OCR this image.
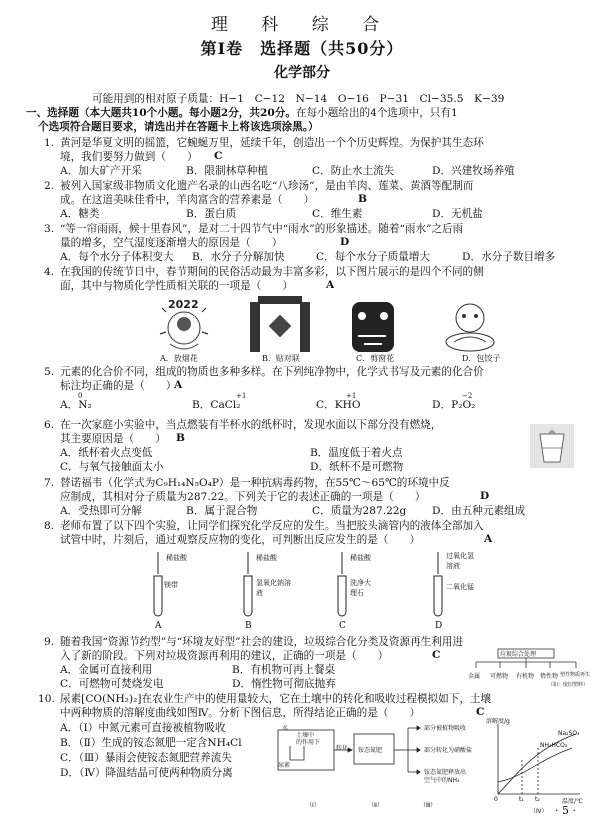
理 科 综 合
第Ⅰ卷　选择题（共50分）
化学部分
可能用到的相对原子质量：H−1　C−12　N−14　O−16　P−31　Cl−35.5　K−39
一、选择题（本大题共10个小题。每小题2分，共20分。在每小题给出的4个选项中，只有1
个选项符合题目要求，请选出并在答题卡上将该选项涂黑。）
1. 黄河是华夏文明的摇篮，它蜿蜒万里，延续千年，创造出一个个历史辉煌。为保护其生态环
境，我们要努力做到（　　） C
A．加大矿产开采	B．限制林草种植	C．防止水土流失	D．兴建牧场养殖
2. 被列入国家级非物质文化遗产名录的山西名吃“八珍汤”，是由羊肉、莲菜、黄酒等配制而
成。在这道美味佳肴中，羊肉富含的营养素是（　　）	B
A．糖类	B．蛋白质	C．维生素	D．无机盐
3. “等一帘雨雨，候十里春风”，是对二十四节气中“雨水”的形象描述。随着“雨水”之后雨
量的增多，空气湿度逐渐增大的原因是（　　）	D
A．每个水分子体积变大 B．水分子分解加快	C．每个水分子质量增大	D．水分子数目增多
4. 在我国的传统节日中，春节期间的民俗活动最为丰富多彩，以下图片展示的是四个不同的侧
面，其中与物质化学性质相关联的一项是（　　）	A
2022
A．放烟花	B．贴对联	C．剪窗花	D．包饺子
5. 元素的化合价不同，组成的物质也多种多样。在下列纯净物中，化学式书写及元素的化合价
标注均正确的是（　　）
A
0	+1	+1	−2
A．N₂	B．CaCl₂	C．KHO	D．P₂O₂
6. 在一次家庭小实验中，当点燃装有半杯水的纸杯时，发现水面以下部分没有燃烧，
其主要原因是（　　） B
A．纸杯着火点变低	B．温度低于着火点
C．与氧气接触面太小	D．纸杯不是可燃物
7. 替诺福韦（化学式为C₉H₁₄N₅O₄P）是一种抗病毒药物，在55℃～65℃的环境中反
应制成，其相对分子质量为287.22。下列关于它的表述正确的一项是（　　）	D
A．受热即可分解	B．属于混合物	C．质量为287.22g D．由五种元素组成
8. 老师布置了以下四个实验，让同学们探究化学反应的发生。当把胶头滴管内的液体全部加入
试管中时，片刻后，通过观察反应物的变化，可判断出反应发生的是（　　）	A
稀盐酸
镁带
稀盐酸
氢氧化钠溶液
稀盐酸
洗净大理石
过氧化氢溶液
二氧化锰
A	B	C	D
9. 随着我国“资源节约型”与“环境友好型”社会的建设，垃圾综合化分类及资源再生利用进
入了新的阶段。下列对垃圾资源再利用的建议，正确的一项是（　　）	C
A．金属可直接利用	B．有机物可再上餐桌
C．可燃物可焚烧发电	D．惰性物可彻底抛弃
垃圾综合处理
金属 可燃物 有机物 惰性物 塑性物质再生
（如：废旧塑料）
10. 尿素[CO(NH₂)₂]在农业生产中的使用量较大，它在土壤中的转化和吸收过程模拟如下，土壤
中两种物质的溶解度曲线如图Ⅳ。分析下图信息，所得结论正确的是（　　）	C
A．（Ⅰ）中氮元素可直接被植物吸收
B．（Ⅱ）生成的铵态氮肥一定含NH₄Cl
C．（Ⅲ）暴雨会使铵态氮肥营养流失
D．（Ⅳ）降温结晶可使两种物质分离
水
土壤中
的作用下
尿素
转化
（Ⅰ）
铵态氮肥
（Ⅱ）
部分被植物吸收
部分转化为硝酸盐
铵态氮肥释放出
空气中的NH₃
（Ⅲ）
溶解度/g
Na₂SO₄
NH₄HCO₃
0	t₁ t₂	温度/℃
（Ⅳ） · 5 ·
